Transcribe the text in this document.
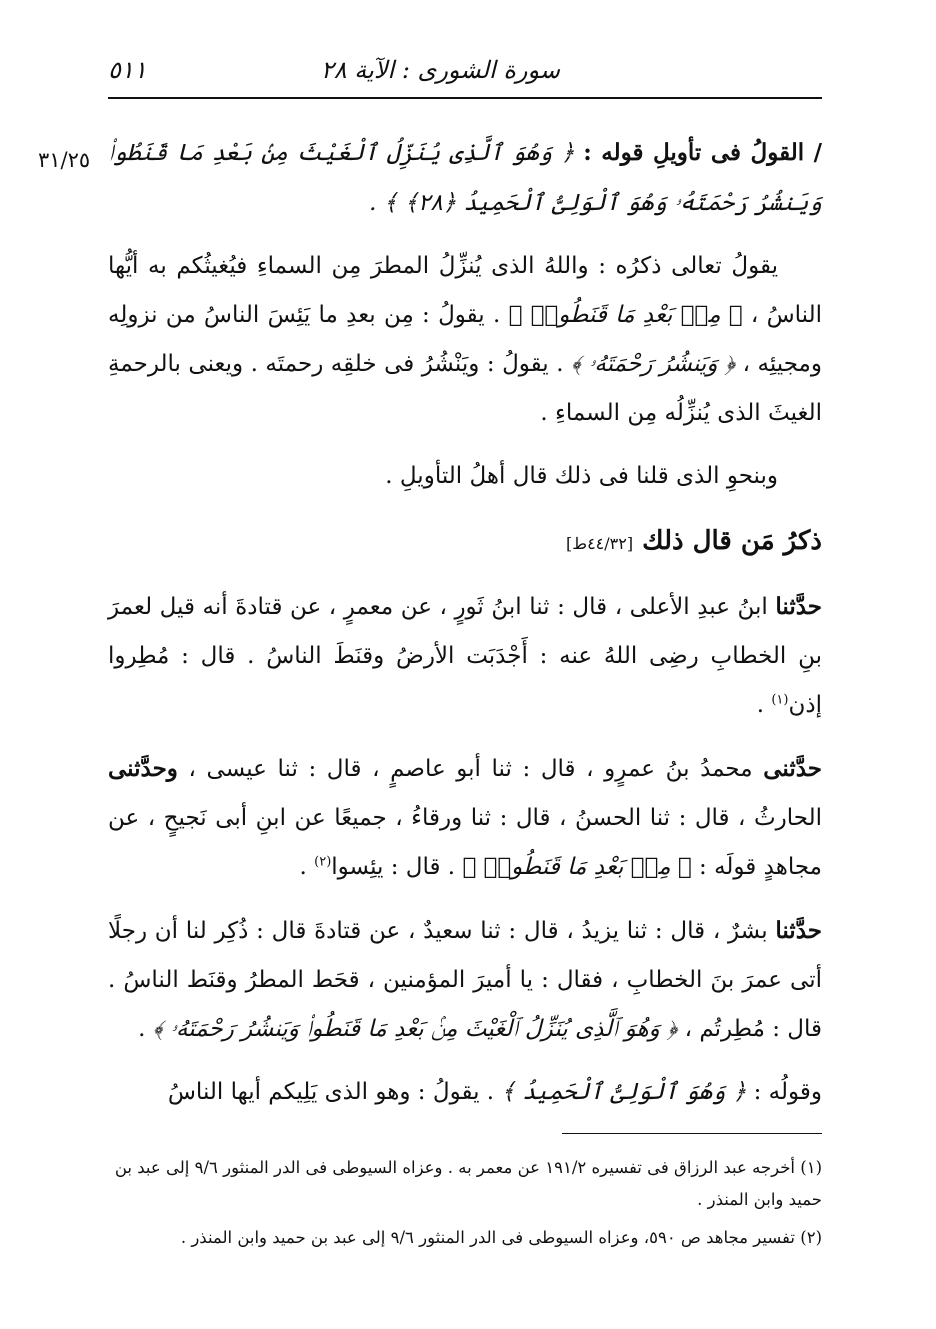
سورة الشورى : الآية ٢٨
٥١١
٣١/٢٥	/ القولُ فى تأويلِ قوله : ﴿ وَهُوَ ٱلَّذِى يُنَزِّلُ ٱلْغَيْثَ مِنۢ بَعْدِ مَا قَنَطُوا۟ وَيَنشُرُ رَحْمَتَهُۥ وَهُوَ ٱلْوَلِىُّ ٱلْحَمِيدُ ﴿٢٨﴾ ﴾ .

يقولُ تعالى ذكرُه : واللهُ الذى يُنزِّلُ المطرَ مِن السماءِ فيُغيثُكم به أيُّها الناسُ ، ﴿ مِنۢ بَعْدِ مَا قَنَطُوا۟ ﴾ . يقولُ : مِن بعدِ ما يَئِسَ الناسُ من نزولِه ومجيئِه ، ﴿ وَيَنشُرُ رَحْمَتَهُۥ ﴾ . يقولُ : ويَنْشُرُ فى خلقِه رحمتَه . ويعنى بالرحمةِ الغيثَ الذى يُنزِّلُه مِن السماءِ .

وبنحوِ الذى قلنا فى ذلك قال أهلُ التأويلِ .

ذكرُ مَن قال ذلك [٤٤/٣٢ط]

حدَّثنا ابنُ عبدِ الأعلى ، قال : ثنا ابنُ ثَورٍ ، عن معمرٍ ، عن قتادةَ أنه قيل لعمرَ بنِ الخطابِ رضِى اللهُ عنه : أَجْدَبَت الأرضُ وقنَطَ الناسُ . قال : مُطِروا إذن$^{(١)}$ .

حدَّثنى محمدُ بنُ عمرٍو ، قال : ثنا أبو عاصمٍ ، قال : ثنا عيسى ، وحدَّثنى الحارثُ ، قال : ثنا الحسنُ ، قال : ثنا ورقاءُ ، جميعًا عن ابنِ أبى نَجيحٍ ، عن مجاهدٍ قولَه : ﴿ مِنۢ بَعْدِ مَا قَنَطُوا۟ ﴾ . قال : يئِسوا$^{(٢)}$ .

حدَّثنا بشرٌ ، قال : ثنا يزيدُ ، قال : ثنا سعيدٌ ، عن قتادةَ قال : ذُكِر لنا أن رجلًا أتى عمرَ بنَ الخطابِ ، فقال : يا أميرَ المؤمنين ، قحَط المطرُ وقنَط الناسُ . قال : مُطِرتُم ، ﴿ وَهُوَ ٱلَّذِى يُنَزِّلُ ٱلْغَيْثَ مِنۢ بَعْدِ مَا قَنَطُوا۟ وَيَنشُرُ رَحْمَتَهُۥ ﴾ .

وقولُه : ﴿ وَهُوَ ٱلْوَلِىُّ ٱلْحَمِيدُ ﴾ . يقولُ : وهو الذى يَلِيكم أيها الناسُ

(١) أخرجه عبد الرزاق فى تفسيره ١٩١/٢ عن معمر به . وعزاه السيوطى فى الدر المنثور ٩/٦ إلى عبد بن حميد وابن المنذر .

(٢) تفسير مجاهد ص ٥٩٠، وعزاه السيوطى فى الدر المنثور ٩/٦ إلى عبد بن حميد وابن المنذر .
